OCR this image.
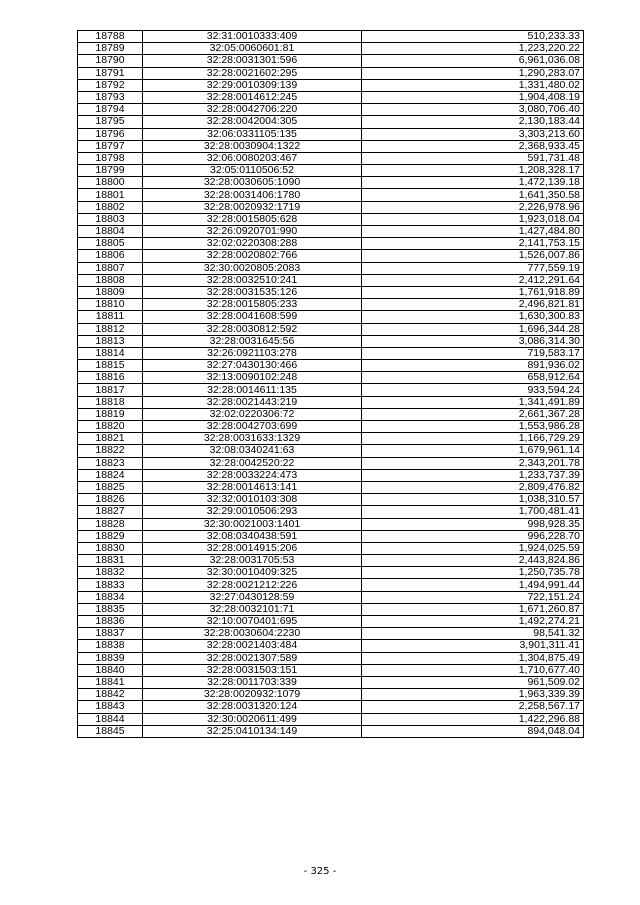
18788	32:31:0010333:409	510,233.33
18789	32:05:0060601:81	1,223,220.22
18790	32:28:0031301:596	6,961,036.08
18791	32:28:0021602:295	1,290,283.07
18792	32:29:0010309:139	1,331,480.02
18793	32:28:0014612:245	1,904,408.19
18794	32:28:0042706:220	3,080,706.40
18795	32:28:0042004:305	2,130,183.44
18796	32:06:0331105:135	3,303,213.60
18797	32:28:0030904:1322	2,368,933.45
18798	32:06:0080203:467	591,731.48
18799	32:05:0110506:52	1,208,328.17
18800	32:28:0030605:1090	1,472,139.18
18801	32:28:0031406:1780	1,641,350.58
18802	32:28:0020932:1719	2,226,978.96
18803	32:28:0015805:628	1,923,018.04
18804	32:26:0920701:990	1,427,484.80
18805	32:02:0220308:288	2,141,753.15
18806	32:28:0020802:766	1,526,007.86
18807	32:30:0020805:2083	777,559.19
18808	32:28:0032510:241	2,412,291.64
18809	32:28:0031535:126	1,761,918.89
18810	32:28:0015805:233	2,496,821.81
18811	32:28:0041608:599	1,630,300.83
18812	32:28:0030812:592	1,696,344.28
18813	32:28:0031645:56	3,086,314.30
18814	32:26:0921103:278	719,583.17
18815	32:27:0430130:466	891,936.02
18816	32:13:0090102:248	658,912.64
18817	32:28:0014611:135	933,594.24
18818	32:28:0021443:219	1,341,491.89
18819	32:02:0220306:72	2,661,367.28
18820	32:28:0042703:699	1,553,986.28
18821	32:28:0031633:1329	1,166,729.29
18822	32:08:0340241:63	1,679,961.14
18823	32:28:0042520:22	2,343,201.78
18824	32:28:0033224:473	1,233,737.39
18825	32:28:0014613:141	2,809,476.82
18826	32:32:0010103:308	1,038,310.57
18827	32:29:0010506:293	1,700,481.41
18828	32:30:0021003:1401	998,928.35
18829	32:08:0340438:591	996,228.70
18830	32:28:0014915:206	1,924,025.59
18831	32:28:0031705:53	2,443,824.86
18832	32:30:0010409:325	1,250,735.78
18833	32:28:0021212:226	1,494,991.44
18834	32:27:0430128:59	722,151.24
18835	32:28:0032101:71	1,671,260.87
18836	32:10:0070401:695	1,492,274.21
18837	32:28:0030604:2230	98,541.32
18838	32:28:0021403:484	3,901,311.41
18839	32:28:0021307:589	1,304,875.49
18840	32:28:0031503:151	1,710,677.40
18841	32:28:0011703:339	961,509.02
18842	32:28:0020932:1079	1,963,339.39
18843	32:28:0031320:124	2,258,567.17
18844	32:30:0020611:499	1,422,296.88
18845	32:25:0410134:149	894,048.04
- 325 -
